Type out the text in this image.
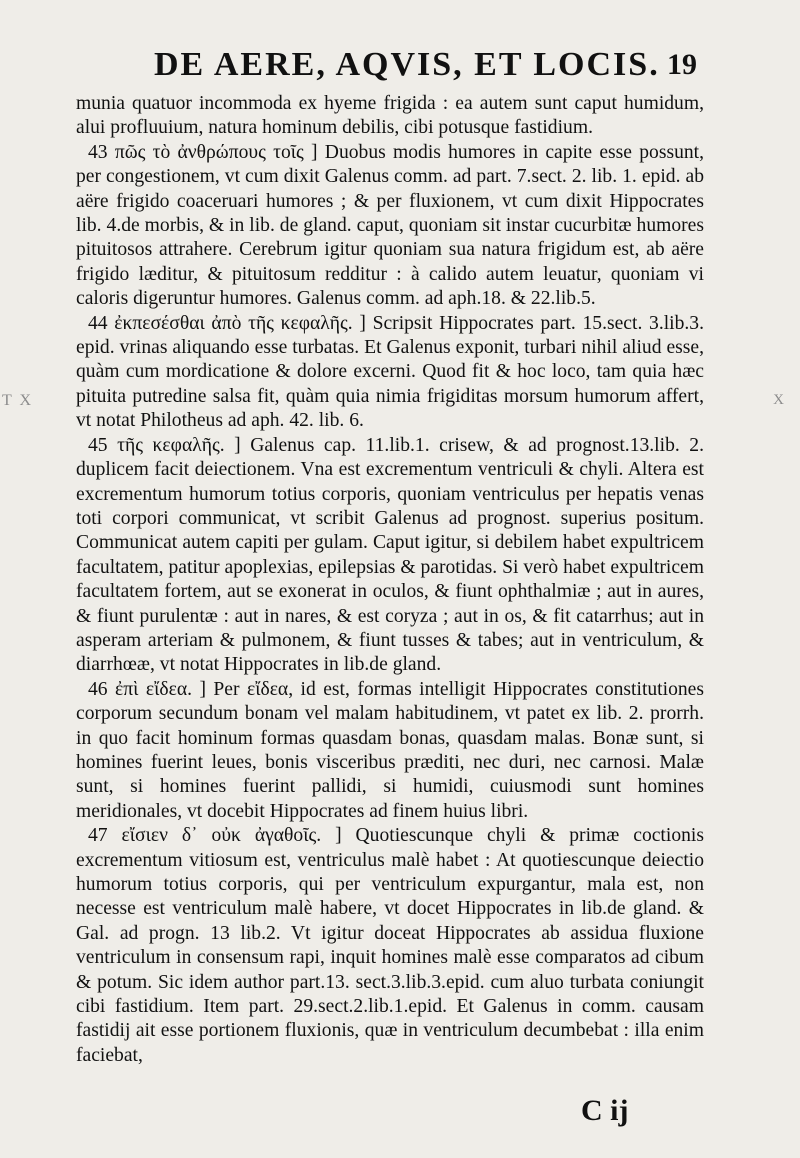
DE AERE, AQVIS, ET LOCIS. 19

munia quatuor incommoda ex hyeme frigida : ea autem sunt caput humidum, alui profluuium, natura hominum debilis, cibi potusque fastidium.

43 πῶς τὸ ἀνθρώπους τοῖς ] Duobus modis humores in capite esse possunt, per congestionem, vt cum dixit Galenus comm. ad part. 7.sect. 2. lib. 1. epid. ab aëre frigido coaceruari humores ; & per fluxionem, vt cum dixit Hippocrates lib. 4.de morbis, & in lib. de gland. caput, quoniam sit instar cucurbitæ humores pituitosos attrahere. Cerebrum igitur quoniam sua natura frigidum est, ab aëre frigido læditur, & pituitosum redditur : à calido autem leuatur, quoniam vi caloris digeruntur humores. Galenus comm. ad aph.18. & 22.lib.5.

44 ἐκπεσέσθαι ἀπὸ τῆς κεφαλῆς. ] Scripsit Hippocrates part. 15.sect. 3.lib.3. epid. vrinas aliquando esse turbatas. Et Galenus exponit, turbari nihil aliud esse, quàm cum mordicatione & dolore excerni. Quod fit & hoc loco, tam quia hæc pituita putredine salsa fit, quàm quia nimia frigiditas morsum humorum affert, vt notat Philotheus ad aph. 42. lib. 6.

45 τῆς κεφαλῆς. ] Galenus cap. 11.lib.1. crisew, & ad prognost.13.lib. 2. duplicem facit deiectionem. Vna est excrementum ventriculi & chyli. Altera est excrementum humorum totius corporis, quoniam ventriculus per hepatis venas toti corpori communicat, vt scribit Galenus ad prognost. superius positum. Communicat autem capiti per gulam. Caput igitur, si debilem habet expultricem facultatem, patitur apoplexias, epilepsias & parotidas. Si verò habet expultricem facultatem fortem, aut se exonerat in oculos, & fiunt ophthalmiæ ; aut in aures, & fiunt purulentæ : aut in nares, & est coryza ; aut in os, & fit catarrhus; aut in asperam arteriam & pulmonem, & fiunt tusses & tabes; aut in ventriculum, & diarrhœæ, vt notat Hippocrates in lib.de gland.

46 ἐπὶ εἴδεα. ] Per εἴδεα, id est, formas intelligit Hippocrates constitutiones corporum secundum bonam vel malam habitudinem, vt patet ex lib. 2. prorrh. in quo facit hominum formas quasdam bonas, quasdam malas. Bonæ sunt, si homines fuerint leues, bonis visceribus præditi, nec duri, nec carnosi. Malæ sunt, si homines fuerint pallidi, si humidi, cuiusmodi sunt homines meridionales, vt docebit Hippocrates ad finem huius libri.

47 εἴσιεν δ᾽ οὐκ ἀγαθοῖς. ] Quotiescunque chyli & primæ coctionis excrementum vitiosum est, ventriculus malè habet : At quotiescunque deiectio humorum totius corporis, qui per ventriculum expurgantur, mala est, non necesse est ventriculum malè habere, vt docet Hippocrates in lib.de gland. & Gal. ad progn. 13 lib.2. Vt igitur doceat Hippocrates ab assidua fluxione ventriculum in consensum rapi, inquit homines malè esse comparatos ad cibum & potum. Sic idem author part.13. sect.3.lib.3.epid. cum aluo turbata coniungit cibi fastidium. Item part. 29.sect.2.lib.1.epid. Et Galenus in comm. causam fastidij ait esse portionem fluxionis, quæ in ventriculum decumbebat : illa enim faciebat,

T X	X
C ij
